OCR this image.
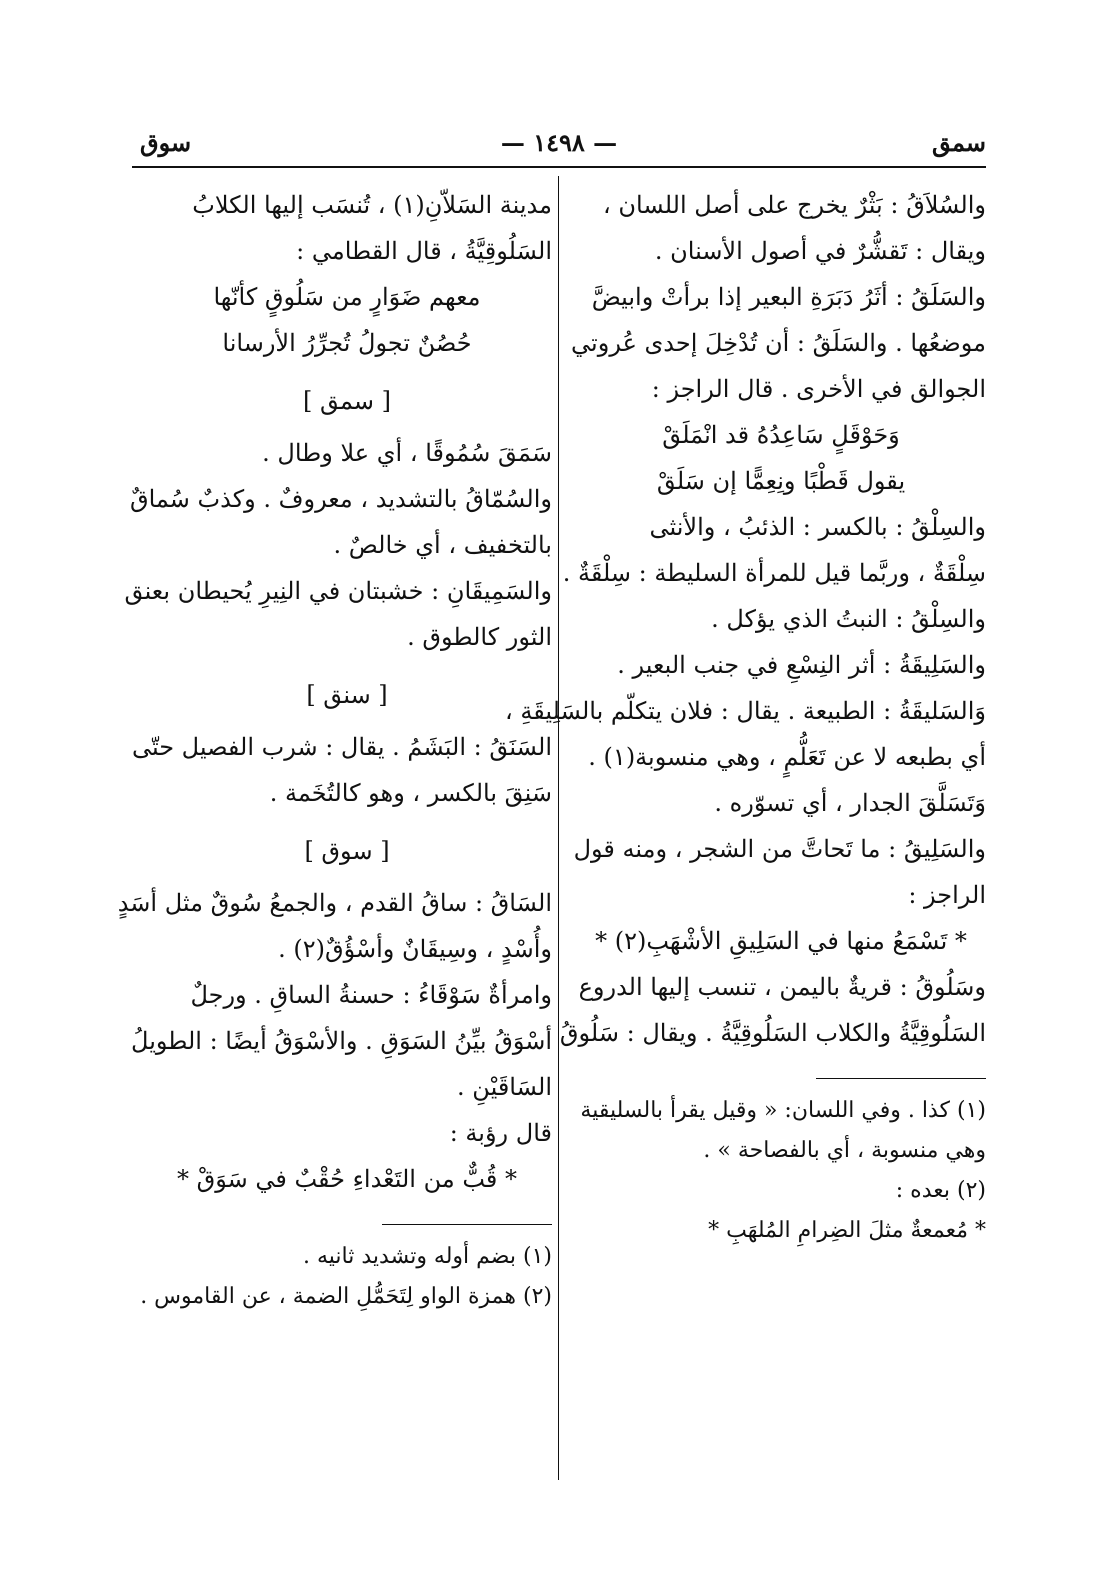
سمق
— ١٤٩٨ —
سوق

والسُلاَقُ : بَثْرٌ يخرج على أصل اللسان ،

ويقال : تَقشُّرٌ في أصول الأسنان .

والسَلَقُ : أثَرُ دَبَرَةِ البعير إذا برأتْ وابيضَّ

موضعُها . والسَلَقُ : أن تُدْخِلَ إحدى عُروتي

الجوالق في الأخرى . قال الراجز :

وَحَوْقَلٍ سَاعِدُهُ قد انْمَلَقْ

يقول قَطْبًا ونِعِمًّا إن سَلَقْ

والسِلْقُ : بالكسر : الذئبُ ، والأنثى

سِلْقَةٌ ، وربَّما قيل للمرأة السليطة : سِلْقَةٌ .

والسِلْقُ : النبتُ الذي يؤكل .

والسَلِيقَةُ : أثر النِسْعِ في جنب البعير .

وَالسَليقَةُ : الطبيعة . يقال : فلان يتكلّم بالسَلِيقَةِ ،

أي بطبعه لا عن تَعَلُّمٍ ، وهي منسوبة(١) .

وَتَسَلَّقَ الجدار ، أي تسوّره .

والسَلِيقُ : ما تَحاتَّ من الشجر ، ومنه قول

الراجز :

* تَسْمَعُ منها في السَلِيقِ الأشْهَبِ(٢) *

وسَلُوقُ : قريةٌ باليمن ، تنسب إليها الدروع

السَلُوقِيَّةُ والكلاب السَلُوقِيَّةُ . ويقال : سَلُوقُ

(١) كذا . وفي اللسان: « وقيل يقرأ بالسليقية

وهي منسوبة ، أي بالفصاحة » .

(٢) بعده :

* مُعمعةٌ مثلَ الضِرامِ المُلهَبِ *

مدينة السَلاّنِ(١) ، تُنسَب إليها الكلابُ

السَلُوقِيَّةُ ، قال القطامي :

معهم ضَوَارٍ من سَلُوقٍ كأنّها

حُصُنٌ تجولُ تُجرِّرُ الأرسانا

[ سمق ]

سَمَقَ سُمُوقًا ، أي علا وطال .

والسُمّاقُ بالتشديد ، معروفٌ . وكذبٌ سُماقٌ

بالتخفيف ، أي خالصٌ .

والسَمِيقَانِ : خشبتان في النِيرِ يُحيطان بعنق

الثور كالطوق .

[ سنق ]

السَنَقُ : البَشَمُ . يقال : شرب الفصيل حتّى

سَنِقَ بالكسر ، وهو كالتُخَمة .

[ سوق ]

السَاقُ : ساقُ القدم ، والجمعُ سُوقٌ مثل أسَدٍ

وأُسْدٍ ، وسِيقَانٌ وأسْؤُقٌ(٢) .

وامرأةٌ سَوْقَاءُ : حسنةُ الساقِ . ورجلٌ

أسْوَقُ بيِّنُ السَوَقِ . والأسْوَقُ أيضًا : الطويلُ

السَاقَيْنِ .

قال رؤبة :

* قُبٌّ من التَعْداءِ حُقْبٌ في سَوَقْ *

(١) بضم أوله وتشديد ثانيه .

(٢) همزة الواو لِتَحَمُّلِ الضمة ، عن القاموس .
